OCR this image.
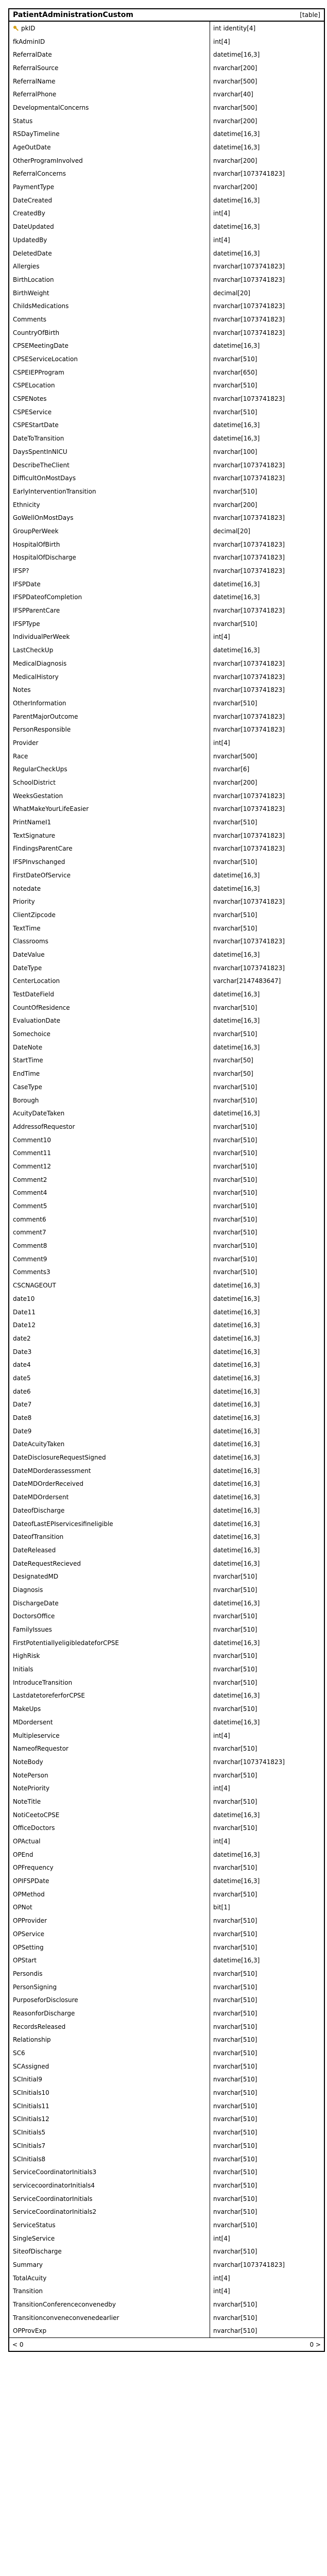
PatientAdministrationCustom	[table]
pkID	int identity[4]
fkAdminID	int[4]
ReferralDate	datetime[16,3]
ReferralSource	nvarchar[200]
ReferralName	nvarchar[500]
ReferralPhone	nvarchar[40]
DevelopmentalConcerns	nvarchar[500]
Status	nvarchar[200]
RSDayTimeline	datetime[16,3]
AgeOutDate	datetime[16,3]
OtherProgramInvolved	nvarchar[200]
ReferralConcerns	nvarchar[1073741823]
PaymentType	nvarchar[200]
DateCreated	datetime[16,3]
CreatedBy	int[4]
DateUpdated	datetime[16,3]
UpdatedBy	int[4]
DeletedDate	datetime[16,3]
Allergies	nvarchar[1073741823]
BirthLocation	nvarchar[1073741823]
BirthWeight	decimal[20]
ChildsMedications	nvarchar[1073741823]
Comments	nvarchar[1073741823]
CountryOfBirth	nvarchar[1073741823]
CPSEMeetingDate	datetime[16,3]
CPSEServiceLocation	nvarchar[510]
CSPEIEPProgram	nvarchar[650]
CSPELocation	nvarchar[510]
CSPENotes	nvarchar[1073741823]
CSPEService	nvarchar[510]
CSPEStartDate	datetime[16,3]
DateToTransition	datetime[16,3]
DaysSpentInNICU	nvarchar[100]
DescribeTheClient	nvarchar[1073741823]
DifficultOnMostDays	nvarchar[1073741823]
EarlyInterventionTransition	nvarchar[510]
Ethnicity	nvarchar[200]
GoWellOnMostDays	nvarchar[1073741823]
GroupPerWeek	decimal[20]
HospitalOfBirth	nvarchar[1073741823]
HospitalOfDischarge	nvarchar[1073741823]
IFSP?	nvarchar[1073741823]
IFSPDate	datetime[16,3]
IFSPDateofCompletion	datetime[16,3]
IFSPParentCare	nvarchar[1073741823]
IFSPType	nvarchar[510]
IndividualPerWeek	int[4]
LastCheckUp	datetime[16,3]
MedicalDiagnosis	nvarchar[1073741823]
MedicalHistory	nvarchar[1073741823]
Notes	nvarchar[1073741823]
OtherInformation	nvarchar[510]
ParentMajorOutcome	nvarchar[1073741823]
PersonResponsible	nvarchar[1073741823]
Provider	int[4]
Race	nvarchar[500]
RegularCheckUps	nvarchar[6]
SchoolDistrict	nvarchar[200]
WeeksGestation	nvarchar[1073741823]
WhatMakeYourLifeEasier	nvarchar[1073741823]
PrintNameI1	nvarchar[510]
TextSignature	nvarchar[1073741823]
FindingsParentCare	nvarchar[1073741823]
IFSPInvschanged	nvarchar[510]
FirstDateOfService	datetime[16,3]
notedate	datetime[16,3]
Priority	nvarchar[1073741823]
ClientZipcode	nvarchar[510]
TextTime	nvarchar[510]
Classrooms	nvarchar[1073741823]
DateValue	datetime[16,3]
DateType	nvarchar[1073741823]
CenterLocation	varchar[2147483647]
TestDateField	datetime[16,3]
CountOfResidence	nvarchar[510]
EvaluationDate	datetime[16,3]
Somechoice	nvarchar[510]
DateNote	datetime[16,3]
StartTime	nvarchar[50]
EndTime	nvarchar[50]
CaseType	nvarchar[510]
Borough	nvarchar[510]
AcuityDateTaken	datetime[16,3]
AddressofRequestor	nvarchar[510]
Comment10	nvarchar[510]
Comment11	nvarchar[510]
Comment12	nvarchar[510]
Comment2	nvarchar[510]
Comment4	nvarchar[510]
Comment5	nvarchar[510]
comment6	nvarchar[510]
comment7	nvarchar[510]
Comment8	nvarchar[510]
Comment9	nvarchar[510]
Comments3	nvarchar[510]
CSCNAGEOUT	datetime[16,3]
date10	datetime[16,3]
Date11	datetime[16,3]
Date12	datetime[16,3]
date2	datetime[16,3]
Date3	datetime[16,3]
date4	datetime[16,3]
date5	datetime[16,3]
date6	datetime[16,3]
Date7	datetime[16,3]
Date8	datetime[16,3]
Date9	datetime[16,3]
DateAcuityTaken	datetime[16,3]
DateDisclosureRequestSigned	datetime[16,3]
DateMDorderassessment	datetime[16,3]
DateMDOrderReceived	datetime[16,3]
DateMDOrdersent	datetime[16,3]
DateofDischarge	datetime[16,3]
DateofLastEPIservicesifineligible	datetime[16,3]
DateofTransition	datetime[16,3]
DateReleased	datetime[16,3]
DateRequestRecieved	datetime[16,3]
DesignatedMD	nvarchar[510]
Diagnosis	nvarchar[510]
DischargeDate	datetime[16,3]
DoctorsOffice	nvarchar[510]
FamilyIssues	nvarchar[510]
FirstPotentiallyeligibledateforCPSE	datetime[16,3]
HighRisk	nvarchar[510]
Initials	nvarchar[510]
IntroduceTransition	nvarchar[510]
LastdatetoreferforCPSE	datetime[16,3]
MakeUps	nvarchar[510]
MDordersent	datetime[16,3]
Multipleservice	int[4]
NameofRequestor	nvarchar[510]
NoteBody	nvarchar[1073741823]
NotePerson	nvarchar[510]
NotePriority	int[4]
NoteTitle	nvarchar[510]
NotiCeetoCPSE	datetime[16,3]
OfficeDoctors	nvarchar[510]
OPActual	int[4]
OPEnd	datetime[16,3]
OPFrequency	nvarchar[510]
OPIFSPDate	datetime[16,3]
OPMethod	nvarchar[510]
OPNot	bit[1]
OPProvider	nvarchar[510]
OPService	nvarchar[510]
OPSetting	nvarchar[510]
OPStart	datetime[16,3]
Persondis	nvarchar[510]
PersonSigning	nvarchar[510]
PurposeforDisclosure	nvarchar[510]
ReasonforDischarge	nvarchar[510]
RecordsReleased	nvarchar[510]
Relationship	nvarchar[510]
SC6	nvarchar[510]
SCAssigned	nvarchar[510]
SCInitial9	nvarchar[510]
SCInitials10	nvarchar[510]
SCInitials11	nvarchar[510]
SCInitials12	nvarchar[510]
SCInitials5	nvarchar[510]
SCInitials7	nvarchar[510]
SCInitials8	nvarchar[510]
ServiceCoordinatorInitials3	nvarchar[510]
servicecoordinatorInitials4	nvarchar[510]
ServiceCoordinatorInitials	nvarchar[510]
ServiceCoordinatorInitials2	nvarchar[510]
ServiceStatus	nvarchar[510]
SingleService	int[4]
SiteofDischarge	nvarchar[510]
Summary	nvarchar[1073741823]
TotalAcuity	int[4]
Transition	int[4]
TransitionConferenceconvenedby	nvarchar[510]
Transitionconveneconvenedearlier	nvarchar[510]
OPProvExp	nvarchar[510]
< 0	0 >
